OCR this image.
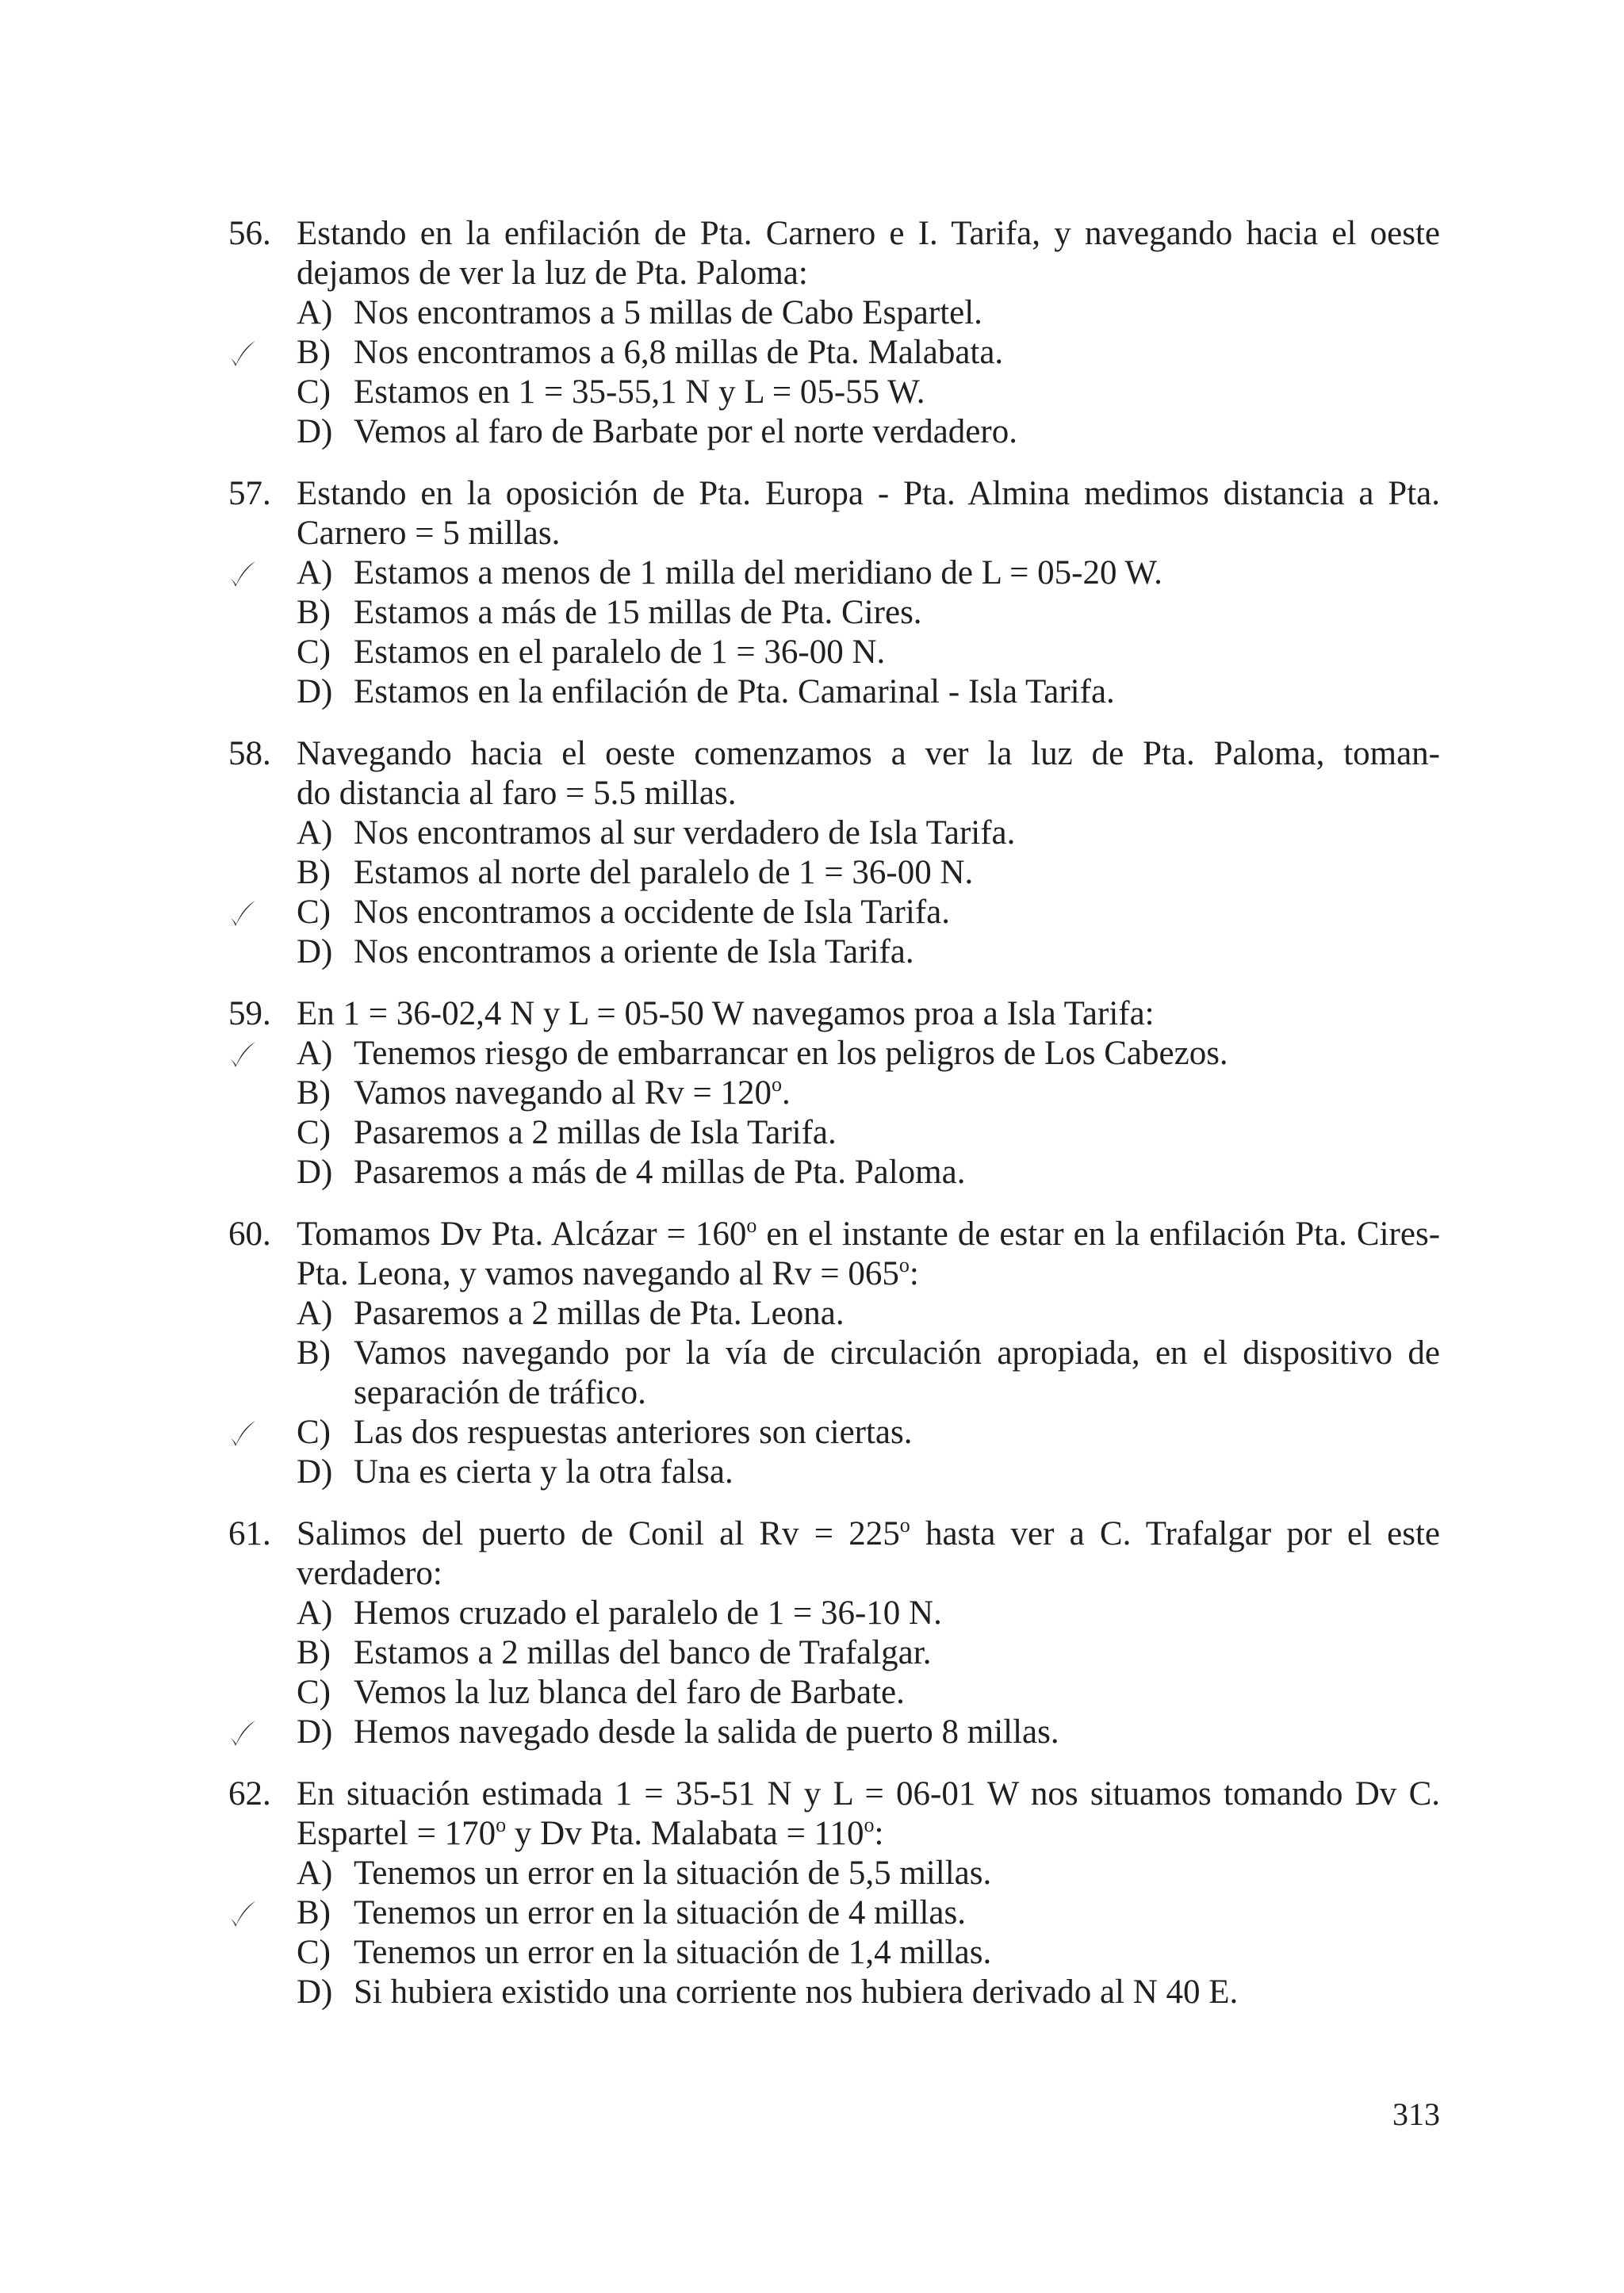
56. Estando en la enfilación de Pta. Carnero e I. Tarifa, y navegando hacia el oeste dejamos de ver la luz de Pta. Paloma:
A) Nos encontramos a 5 millas de Cabo Espartel.
B) Nos encontramos a 6,8 millas de Pta. Malabata.
C) Estamos en 1 = 35-55,1 N y L = 05-55 W.
D) Vemos al faro de Barbate por el norte verdadero.
57. Estando en la oposición de Pta. Europa - Pta. Almina medimos distancia a Pta. Carnero = 5 millas.
A) Estamos a menos de 1 milla del meridiano de L = 05-20 W.
B) Estamos a más de 15 millas de Pta. Cires.
C) Estamos en el paralelo de 1 = 36-00 N.
D) Estamos en la enfilación de Pta. Camarinal - Isla Tarifa.
58. Navegando hacia el oeste comenzamos a ver la luz de Pta. Paloma, toman-
do distancia al faro = 5.5 millas.
A) Nos encontramos al sur verdadero de Isla Tarifa.
B) Estamos al norte del paralelo de 1 = 36-00 N.
C) Nos encontramos a occidente de Isla Tarifa.
D) Nos encontramos a oriente de Isla Tarifa.
59. En 1 = 36-02,4 N y L = 05-50 W navegamos proa a Isla Tarifa:
A) Tenemos riesgo de embarrancar en los peligros de Los Cabezos.
B) Vamos navegando al $Rv = 120^o$.
C) Pasaremos a 2 millas de Isla Tarifa.
D) Pasaremos a más de 4 millas de Pta. Paloma.
60. Tomamos Dv Pta. Alcázar = $160^o$ en el instante de estar en la enfilación Pta. Cires- Pta. Leona, y vamos navegando al $Rv = 065^o$:
A) Pasaremos a 2 millas de Pta. Leona.
B) Vamos navegando por la vía de circulación apropiada, en el dispositivo de separación de tráfico.
C) Las dos respuestas anteriores son ciertas.
D) Una es cierta y la otra falsa.
61. Salimos del puerto de Conil al $Rv = 225^o$ hasta ver a C. Trafalgar por el este verdadero:
A) Hemos cruzado el paralelo de 1 = 36-10 N.
B) Estamos a 2 millas del banco de Trafalgar.
C) Vemos la luz blanca del faro de Barbate.
D) Hemos navegado desde la salida de puerto 8 millas.
62. En situación estimada 1 = 35-51 N y L = 06-01 W nos situamos tomando Dv C. Espartel = $170^o$ y Dv Pta. Malabata = $110^o$:
A) Tenemos un error en la situación de 5,5 millas.
B) Tenemos un error en la situación de 4 millas.
C) Tenemos un error en la situación de 1,4 millas.
D) Si hubiera existido una corriente nos hubiera derivado al N 40 E.
313
